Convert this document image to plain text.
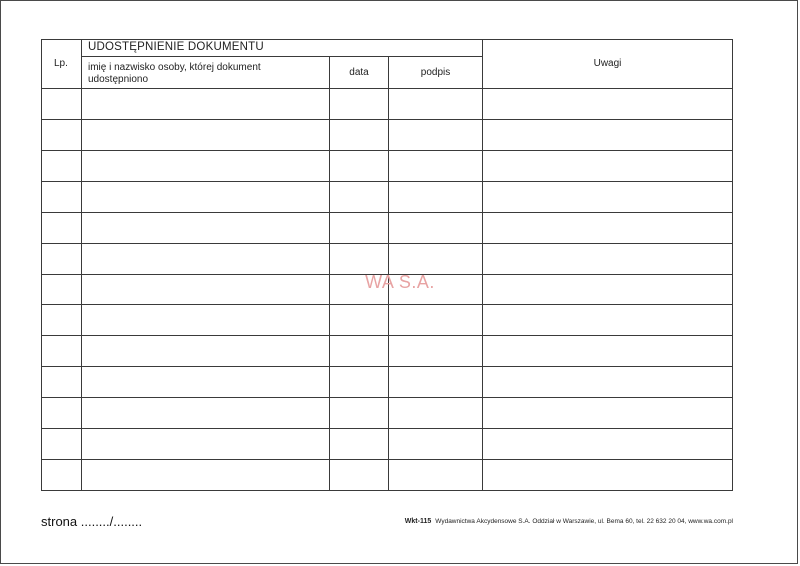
Lp.
UDOSTĘPNIENIE DOKUMENTU
imię i nazwisko osoby, której dokument udostępniono
data	podpis
Uwagi
WA S.A.
strona ......../........	Wkt-115 Wydawnictwa Akcydensowe S.A. Oddział w Warszawie, ul. Bema 60, tel. 22 632 20 04, www.wa.com.pl
